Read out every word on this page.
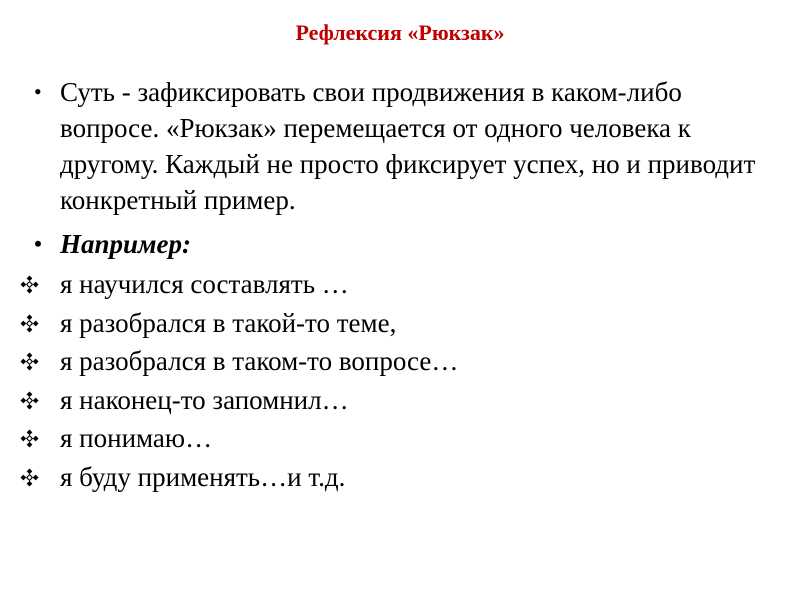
Рефлексия «Рюкзак»
• Суть - зафиксировать свои продвижения в каком-либо вопросе. «Рюкзак» перемещается от одного человека к другому. Каждый не просто фиксирует успех, но и приводит конкретный пример.
• Например:
я научился составлять …
я разобрался в такой-то теме,
я разобрался в таком-то вопросе…
я наконец-то запомнил…
я понимаю…
я буду применять…и т.д.
